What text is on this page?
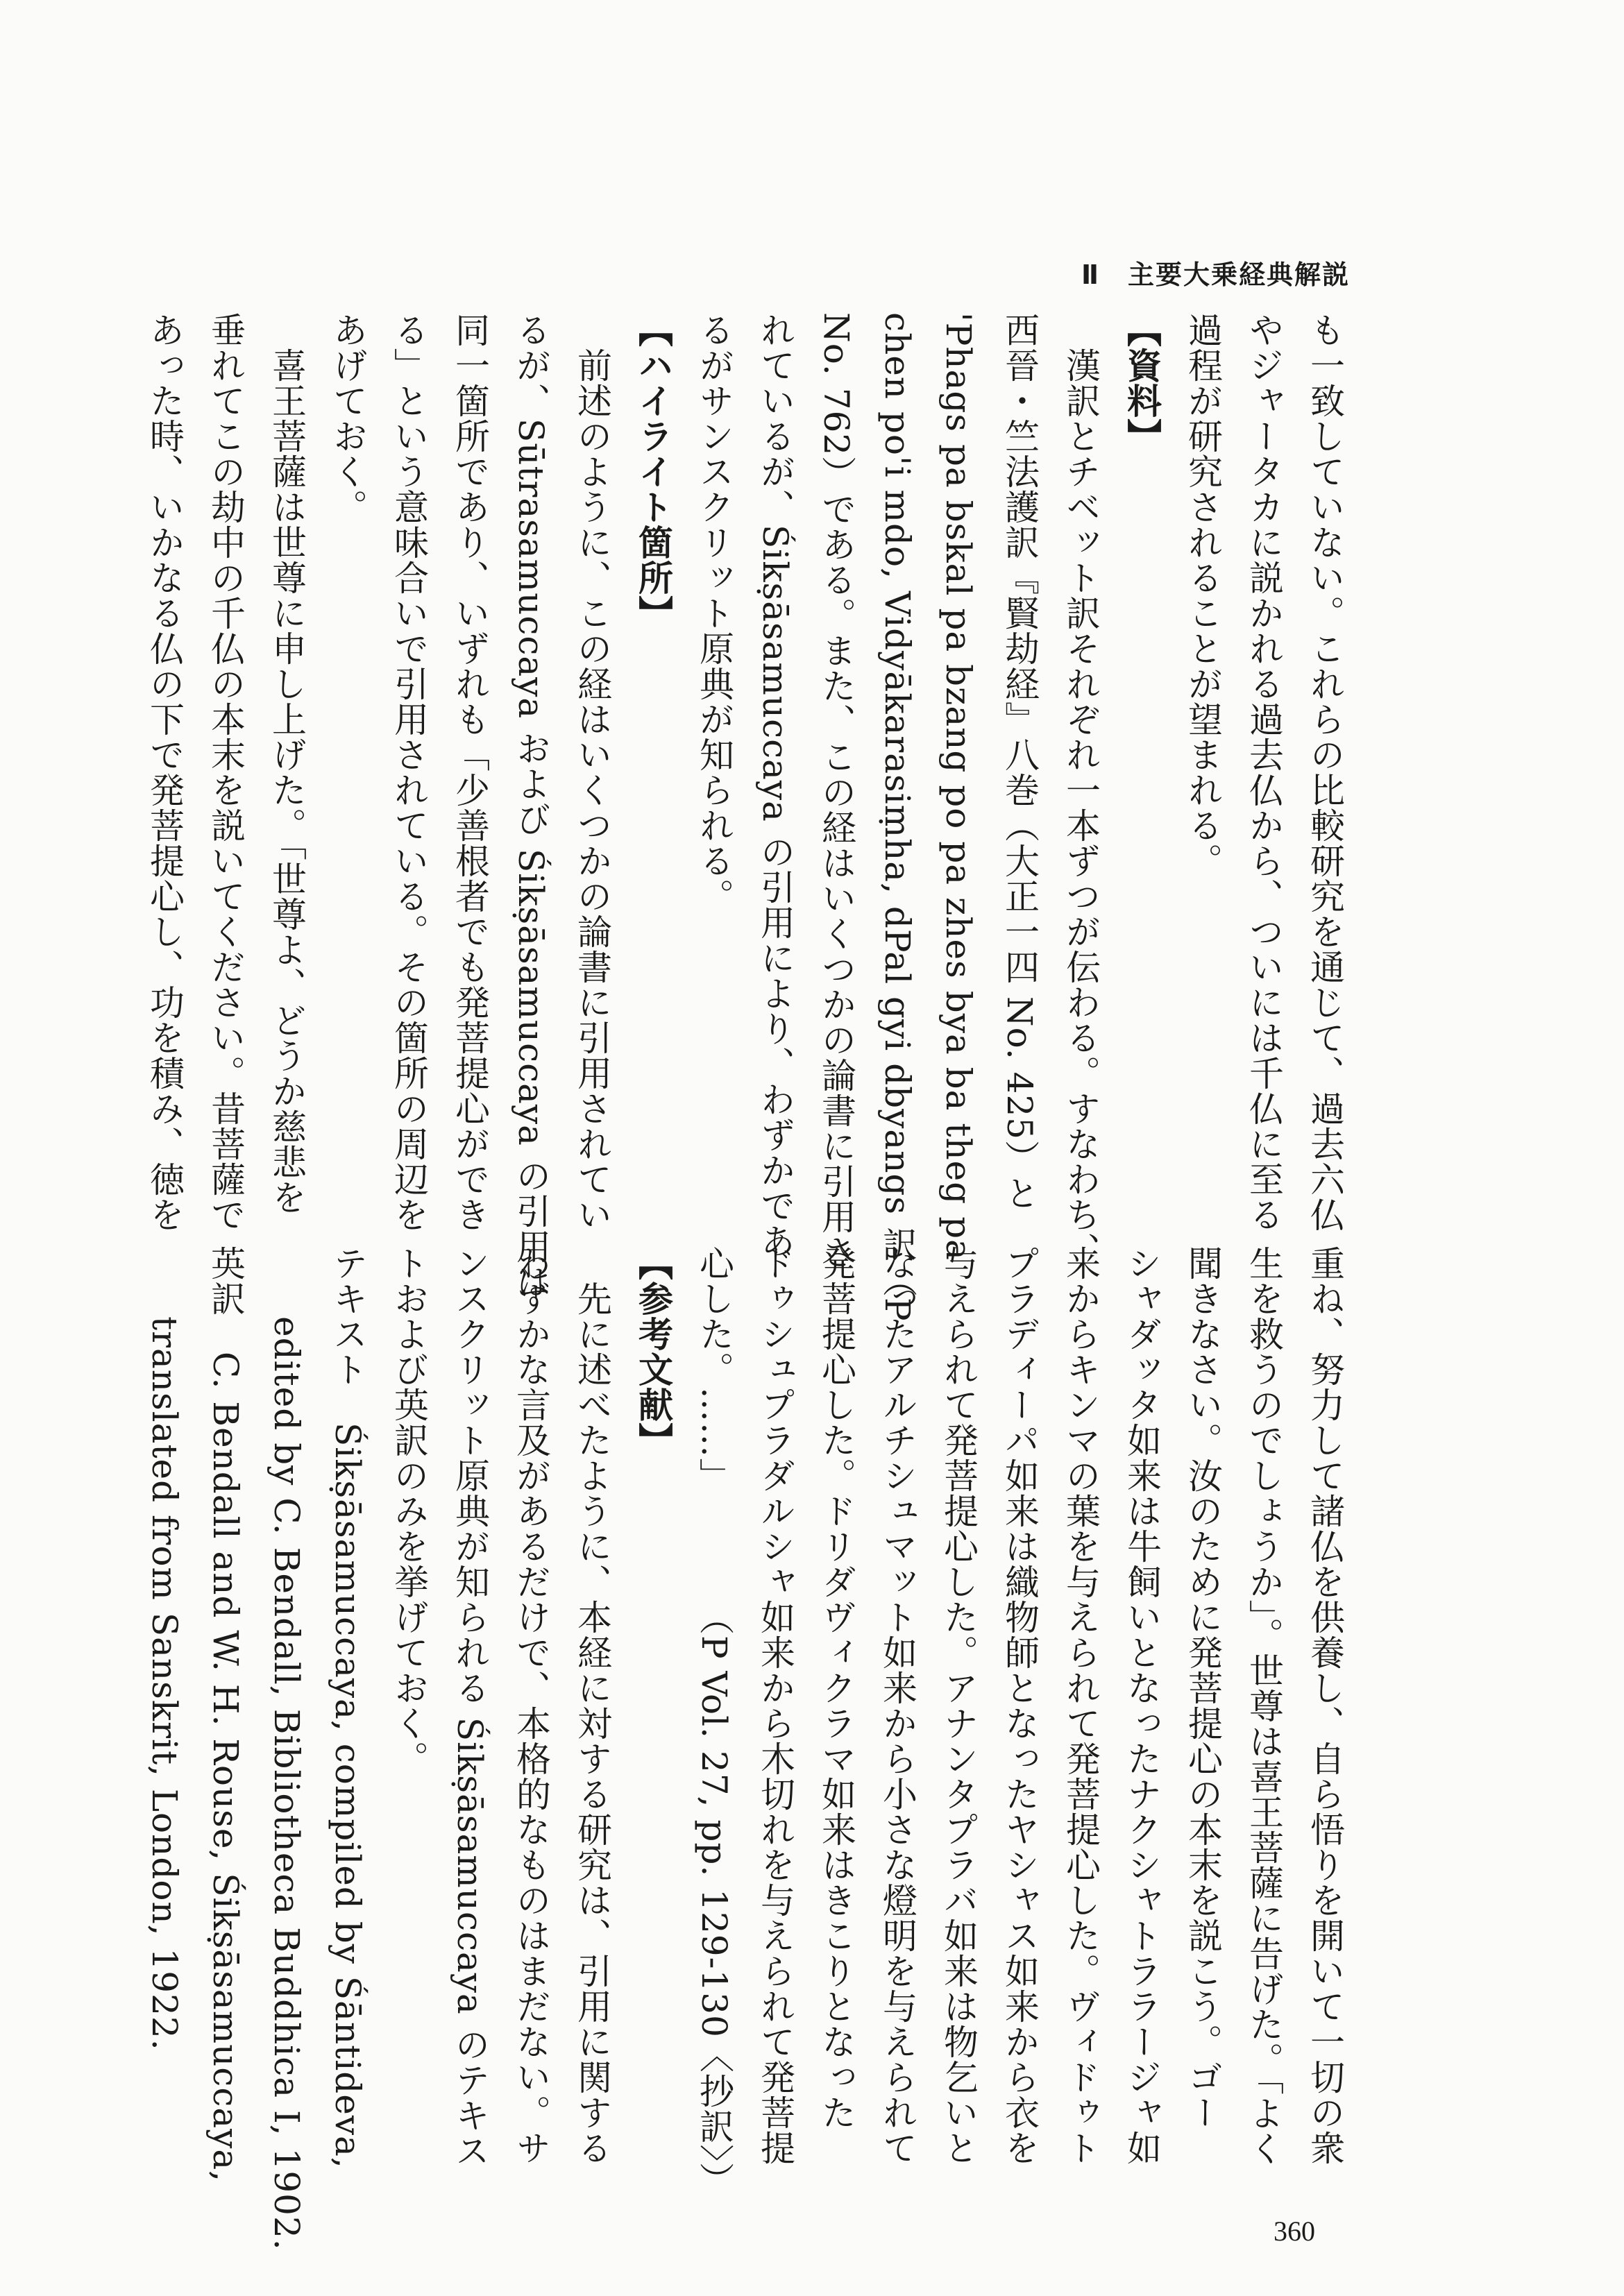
Ⅱ　主要大乗経典解説
も一致していない。これらの比較研究を通じて、過去六仏
やジャータカに説かれる過去仏から、ついには千仏に至る
過程が研究されることが望まれる。
【資料】
　漢訳とチベット訳それぞれ一本ずつが伝わる。すなわち、
西晉・竺法護訳『賢劫経』八巻（大正一四 No. 425）と
'Phags pa bskal pa bzang po pa zhes bya ba theg pa
chen po'i mdo, Vidyākarasiṃha, dPal gyi dbyangs 訳（P
No. 762）である。また、この経はいくつかの論書に引用さ
れているが、Śikṣāsamuccaya の引用により、わずかであ
るがサンスクリット原典が知られる。
【ハイライト箇所】
　前述のように、この経はいくつかの論書に引用されてい
るが、Sūtrasamuccaya および Śikṣāsamuccaya の引用は
同一箇所であり、いずれも「少善根者でも発菩提心ができ
る」という意味合いで引用されている。その箇所の周辺を
あげておく。
　喜王菩薩は世尊に申し上げた。「世尊よ、どうか慈悲を
垂れてこの劫中の千仏の本末を説いてください。昔菩薩で
あった時、いかなる仏の下で発菩提心し、功を積み、徳を
重ね、努力して諸仏を供養し、自ら悟りを開いて一切の衆
生を救うのでしょうか」。世尊は喜王菩薩に告げた。「よく
聞きなさい。汝のために発菩提心の本末を説こう。ゴー
シャダッタ如来は牛飼いとなったナクシャトララージャ如
来からキンマの葉を与えられて発菩提心した。ヴィドゥト
プラディーパ如来は織物師となったヤシャス如来から衣を
与えられて発菩提心した。アナンタプラバ如来は物乞いと
なったアルチシュマット如来から小さな燈明を与えられて
発菩提心した。ドリダヴィクラマ如来はきこりとなった
ドゥシュプラダルシャ如来から木切れを与えられて発菩提
心した。……」　　　　（P Vol. 27, pp. 129-130〈抄訳〉）
【参考文献】
　先に述べたように、本経に対する研究は、引用に関する
わずかな言及があるだけで、本格的なものはまだない。サ
ンスクリット原典が知られる Śikṣāsamuccaya のテキス
トおよび英訳のみを挙げておく。
テキスト　Śikṣāsamuccaya, compiled by Śāntideva,
　　edited by C. Bendall, Bibliotheca Buddhica I, 1902.
英訳　C. Bendall and W. H. Rouse, Śikṣāsamuccaya,
　　translated from Sanskrit, London, 1922.
360
